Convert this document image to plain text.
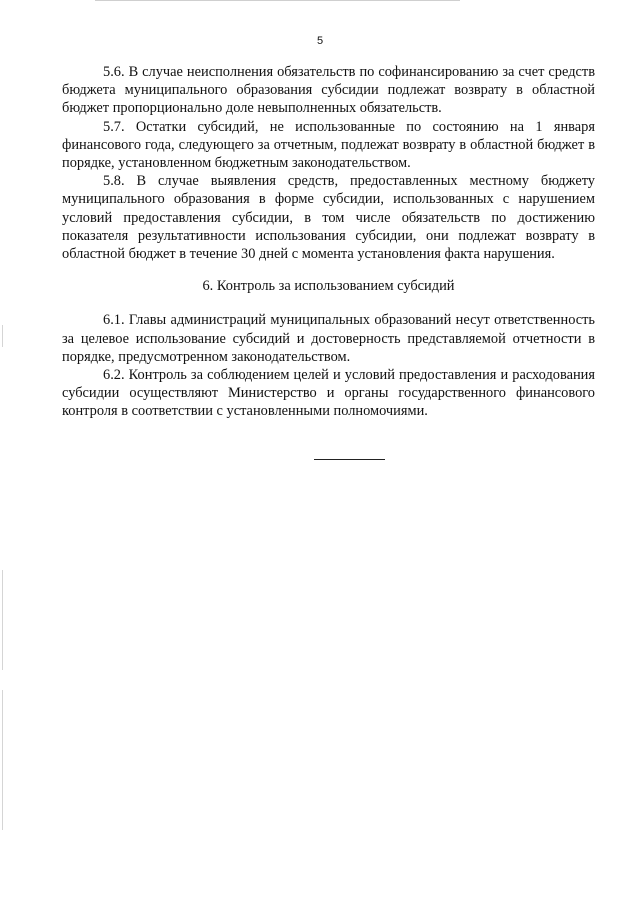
5

5.6. В случае неисполнения обязательств по софинансированию за счет средств бюджета муниципального образования субсидии подлежат возврату в областной бюджет пропорционально доле невыполненных обязательств.

5.7. Остатки субсидий, не использованные по состоянию на 1 января финансового года, следующего за отчетным, подлежат возврату в областной бюджет в порядке, установленном бюджетным законодательством.

5.8. В случае выявления средств, предоставленных местному бюджету муниципального образования в форме субсидии, использованных с нарушением условий предоставления субсидии, в том числе обязательств по достижению показателя результативности использования субсидии, они подлежат возврату в областной бюджет в течение 30 дней с момента установления факта нарушения.

6. Контроль за использованием субсидий

6.1. Главы администраций муниципальных образований несут ответственность за целевое использование субсидий и достоверность представляемой отчетности в порядке, предусмотренном законодательством.

6.2. Контроль за соблюдением целей и условий предоставления и расходования субсидии осуществляют Министерство и органы государственного финансового контроля в соответствии с установленными полномочиями.
